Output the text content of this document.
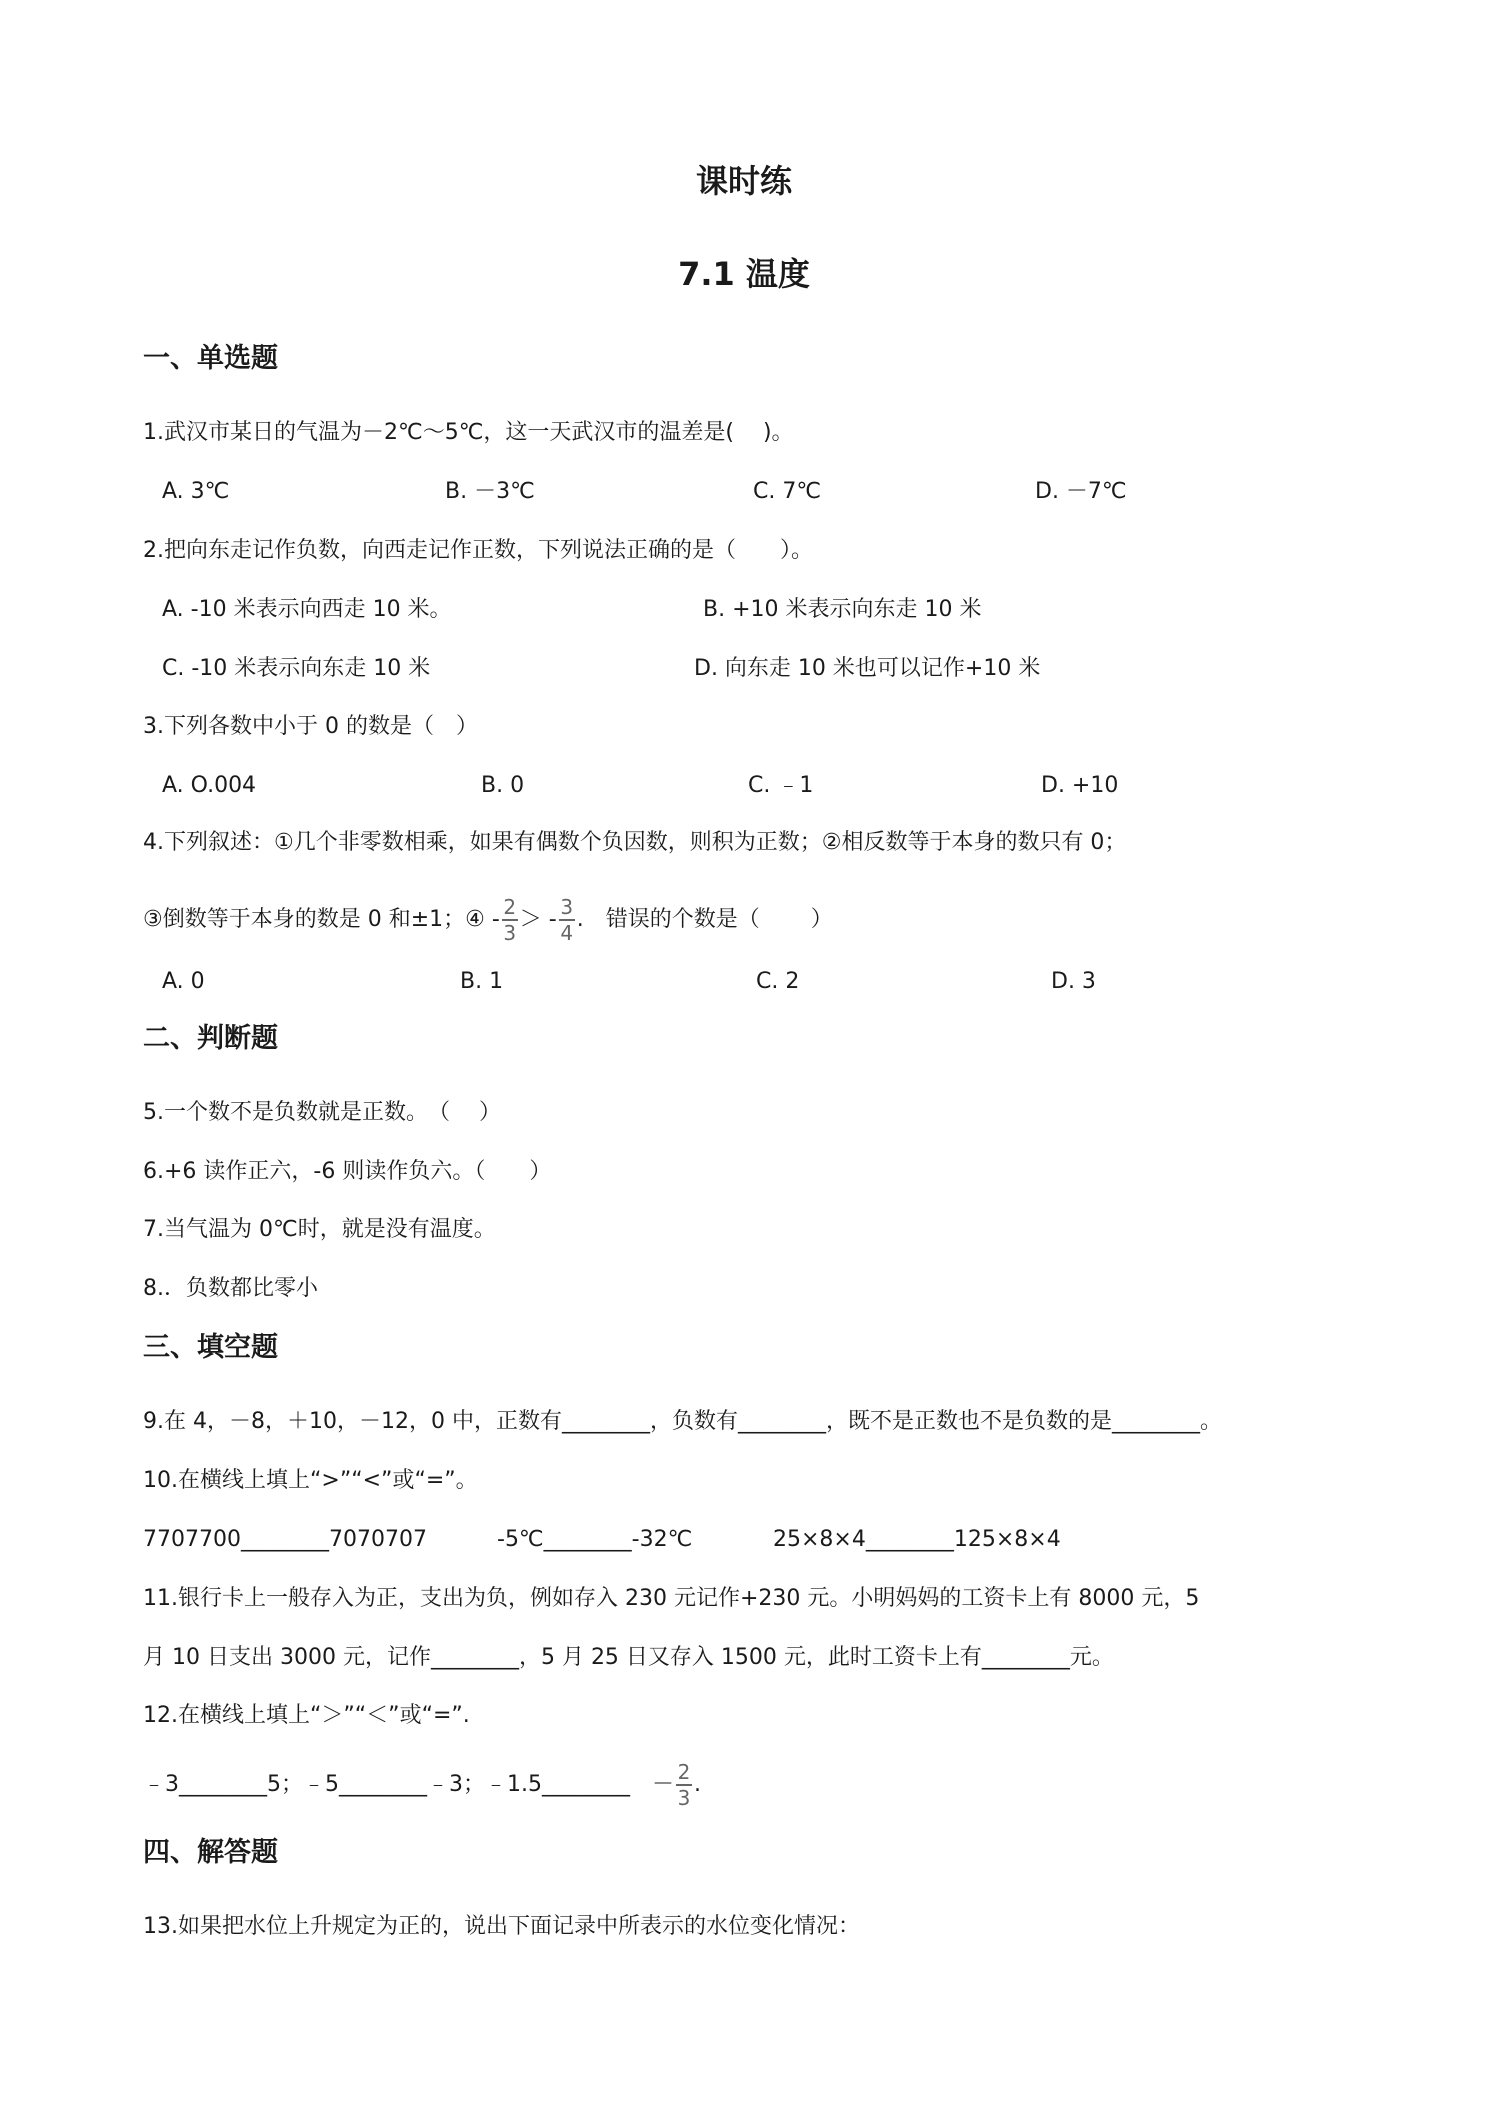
课时练
7.1 温度
一、单选题
1.武汉市某日的气温为－2℃～5℃，这一天武汉市的温差是(　 )。
A. 3℃	B. －3℃	C. 7℃	D. －7℃
2.把向东走记作负数，向西走记作正数，下列说法正确的是（　　）。
A. -10 米表示向西走 10 米。	B. +10 米表示向东走 10 米
C. -10 米表示向东走 10 米	D. 向东走 10 米也可以记作+10 米
3.下列各数中小于 0 的数是（　）
A. O.004	B. 0	C. ﹣1	D. +10
4.下列叙述：①几个非零数相乘，如果有偶数个负因数，则积为正数；②相反数等于本身的数只有 0；
③倒数等于本身的数是 0 和±1；④ - $\frac{2}{3}$ ＞ - $\frac{3}{4}$ .　错误的个数是（　　 ）
A. 0	B. 1	C. 2	D. 3
二、判断题
5.一个数不是负数就是正数。　（　 ）
6.+6 读作正六，-6 则读作负六。（　　）
7.当气温为 0℃时，就是没有温度。
8.．负数都比零小
三、填空题
9.在 4，－8，＋10，－12，0 中，正数有________，负数有________，既不是正数也不是负数的是________。
10.在横线上填上“>”“<”或“=”。
7707700________7070707	-5℃________-32℃	25×8×4________125×8×4
11.银行卡上一般存入为正，支出为负，例如存入 230 元记作+230 元。小明妈妈的工资卡上有 8000 元，5
月 10 日支出 3000 元，记作________，5 月 25 日又存入 1500 元，此时工资卡上有________元。
12.在横线上填上“＞”“＜”或“=”.
﹣3________5；﹣5________﹣3；﹣1.5________　－ $\frac{2}{3}$ .
四、解答题
13.如果把水位上升规定为正的，说出下面记录中所表示的水位变化情况：
